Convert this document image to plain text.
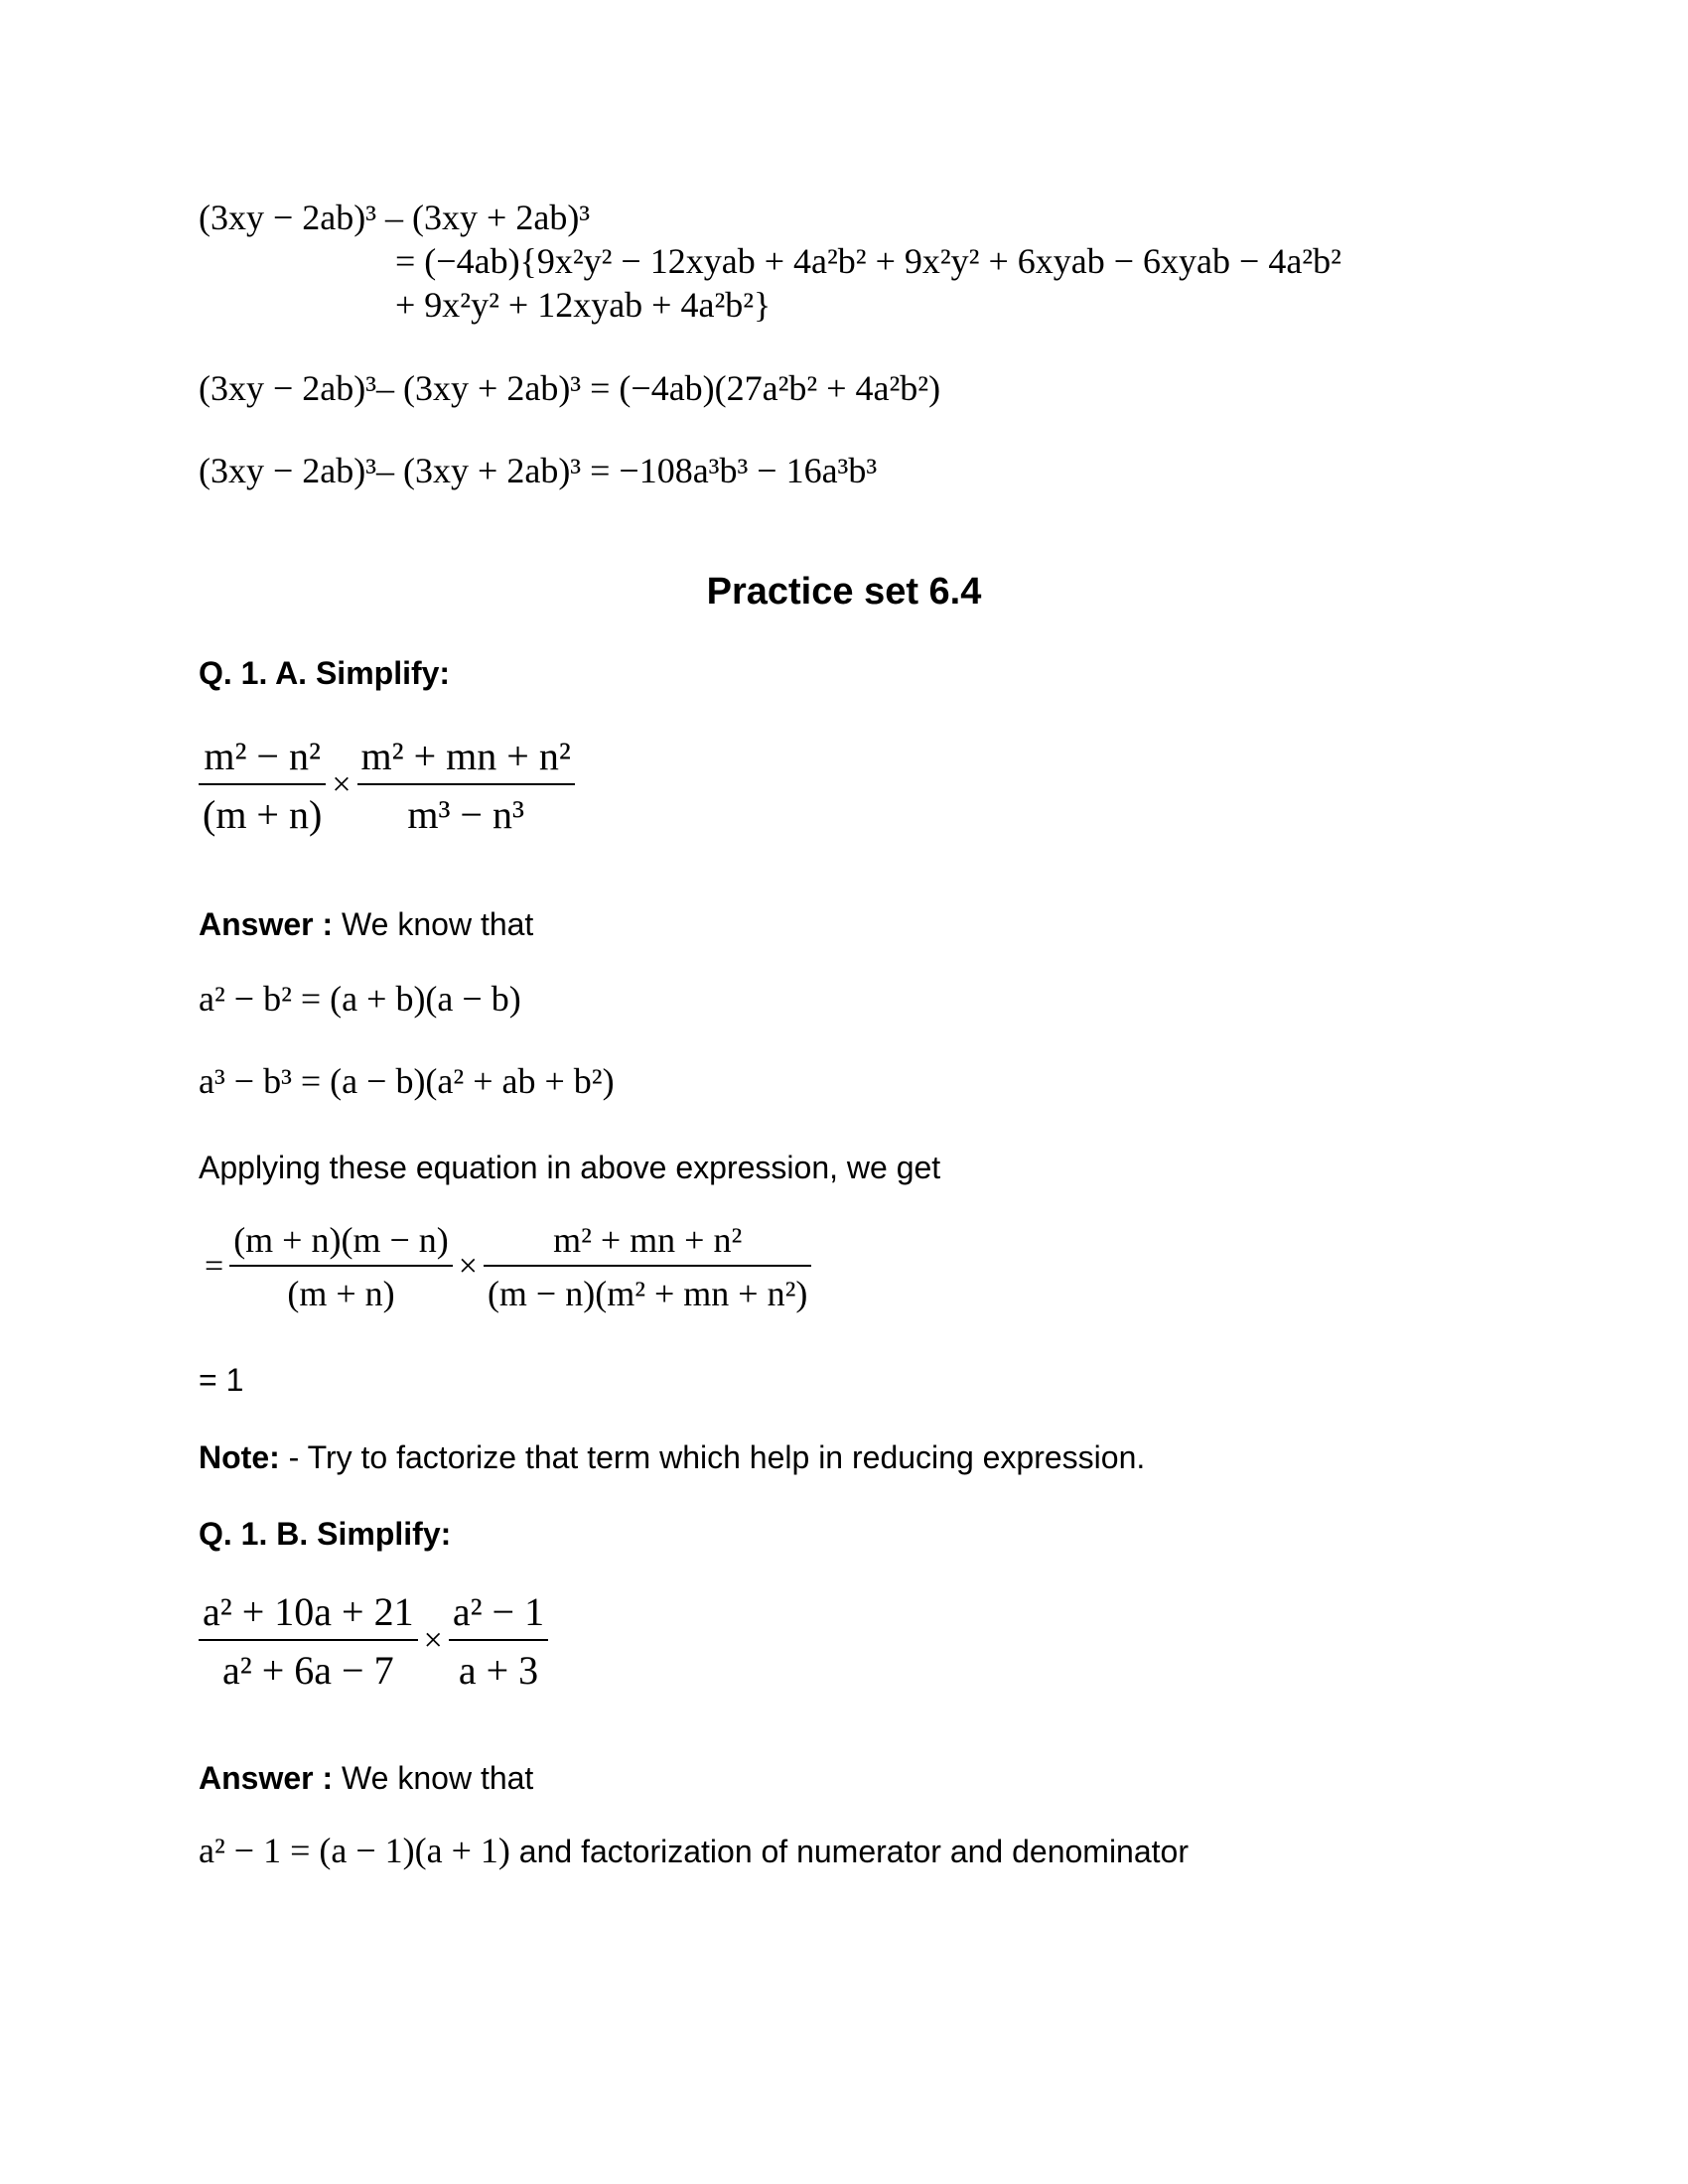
(3xy − 2ab)³ – (3xy + 2ab)³
= (−4ab){9x²y² − 12xyab + 4a²b² + 9x²y² + 6xyab − 6xyab − 4a²b²
+ 9x²y² + 12xyab + 4a²b²}
(3xy − 2ab)³– (3xy + 2ab)³ = (−4ab)(27a²b² + 4a²b²)
(3xy − 2ab)³– (3xy + 2ab)³ = −108a³b³ − 16a³b³
Practice set 6.4
Q. 1. A. Simplify:
$\frac{\text{m² − n²}}{(m + n)} \times \frac{\text{m² + mn + n²}}{\text{m³ − n³}}$
Answer : We know that
a² − b² = (a + b)(a − b)
a³ − b³ = (a − b)(a² + ab + b²)
Applying these equation in above expression, we get
= $\frac{(m + n)(m - n)}{(m + n)} \times \frac{\text{m² + mn + n²}}{\text{(m − n)(m² + mn + n²)}}$
= 1
Note: - Try to factorize that term which help in reducing expression.
Q. 1. B. Simplify:
$\frac{\text{a² + 10a + 21}}{\text{a² + 6a − 7}} \times \frac{\text{a² − 1}}{a + 3}$
Answer : We know that
a² − 1 = (a − 1)(a + 1) and factorization of numerator and denominator
